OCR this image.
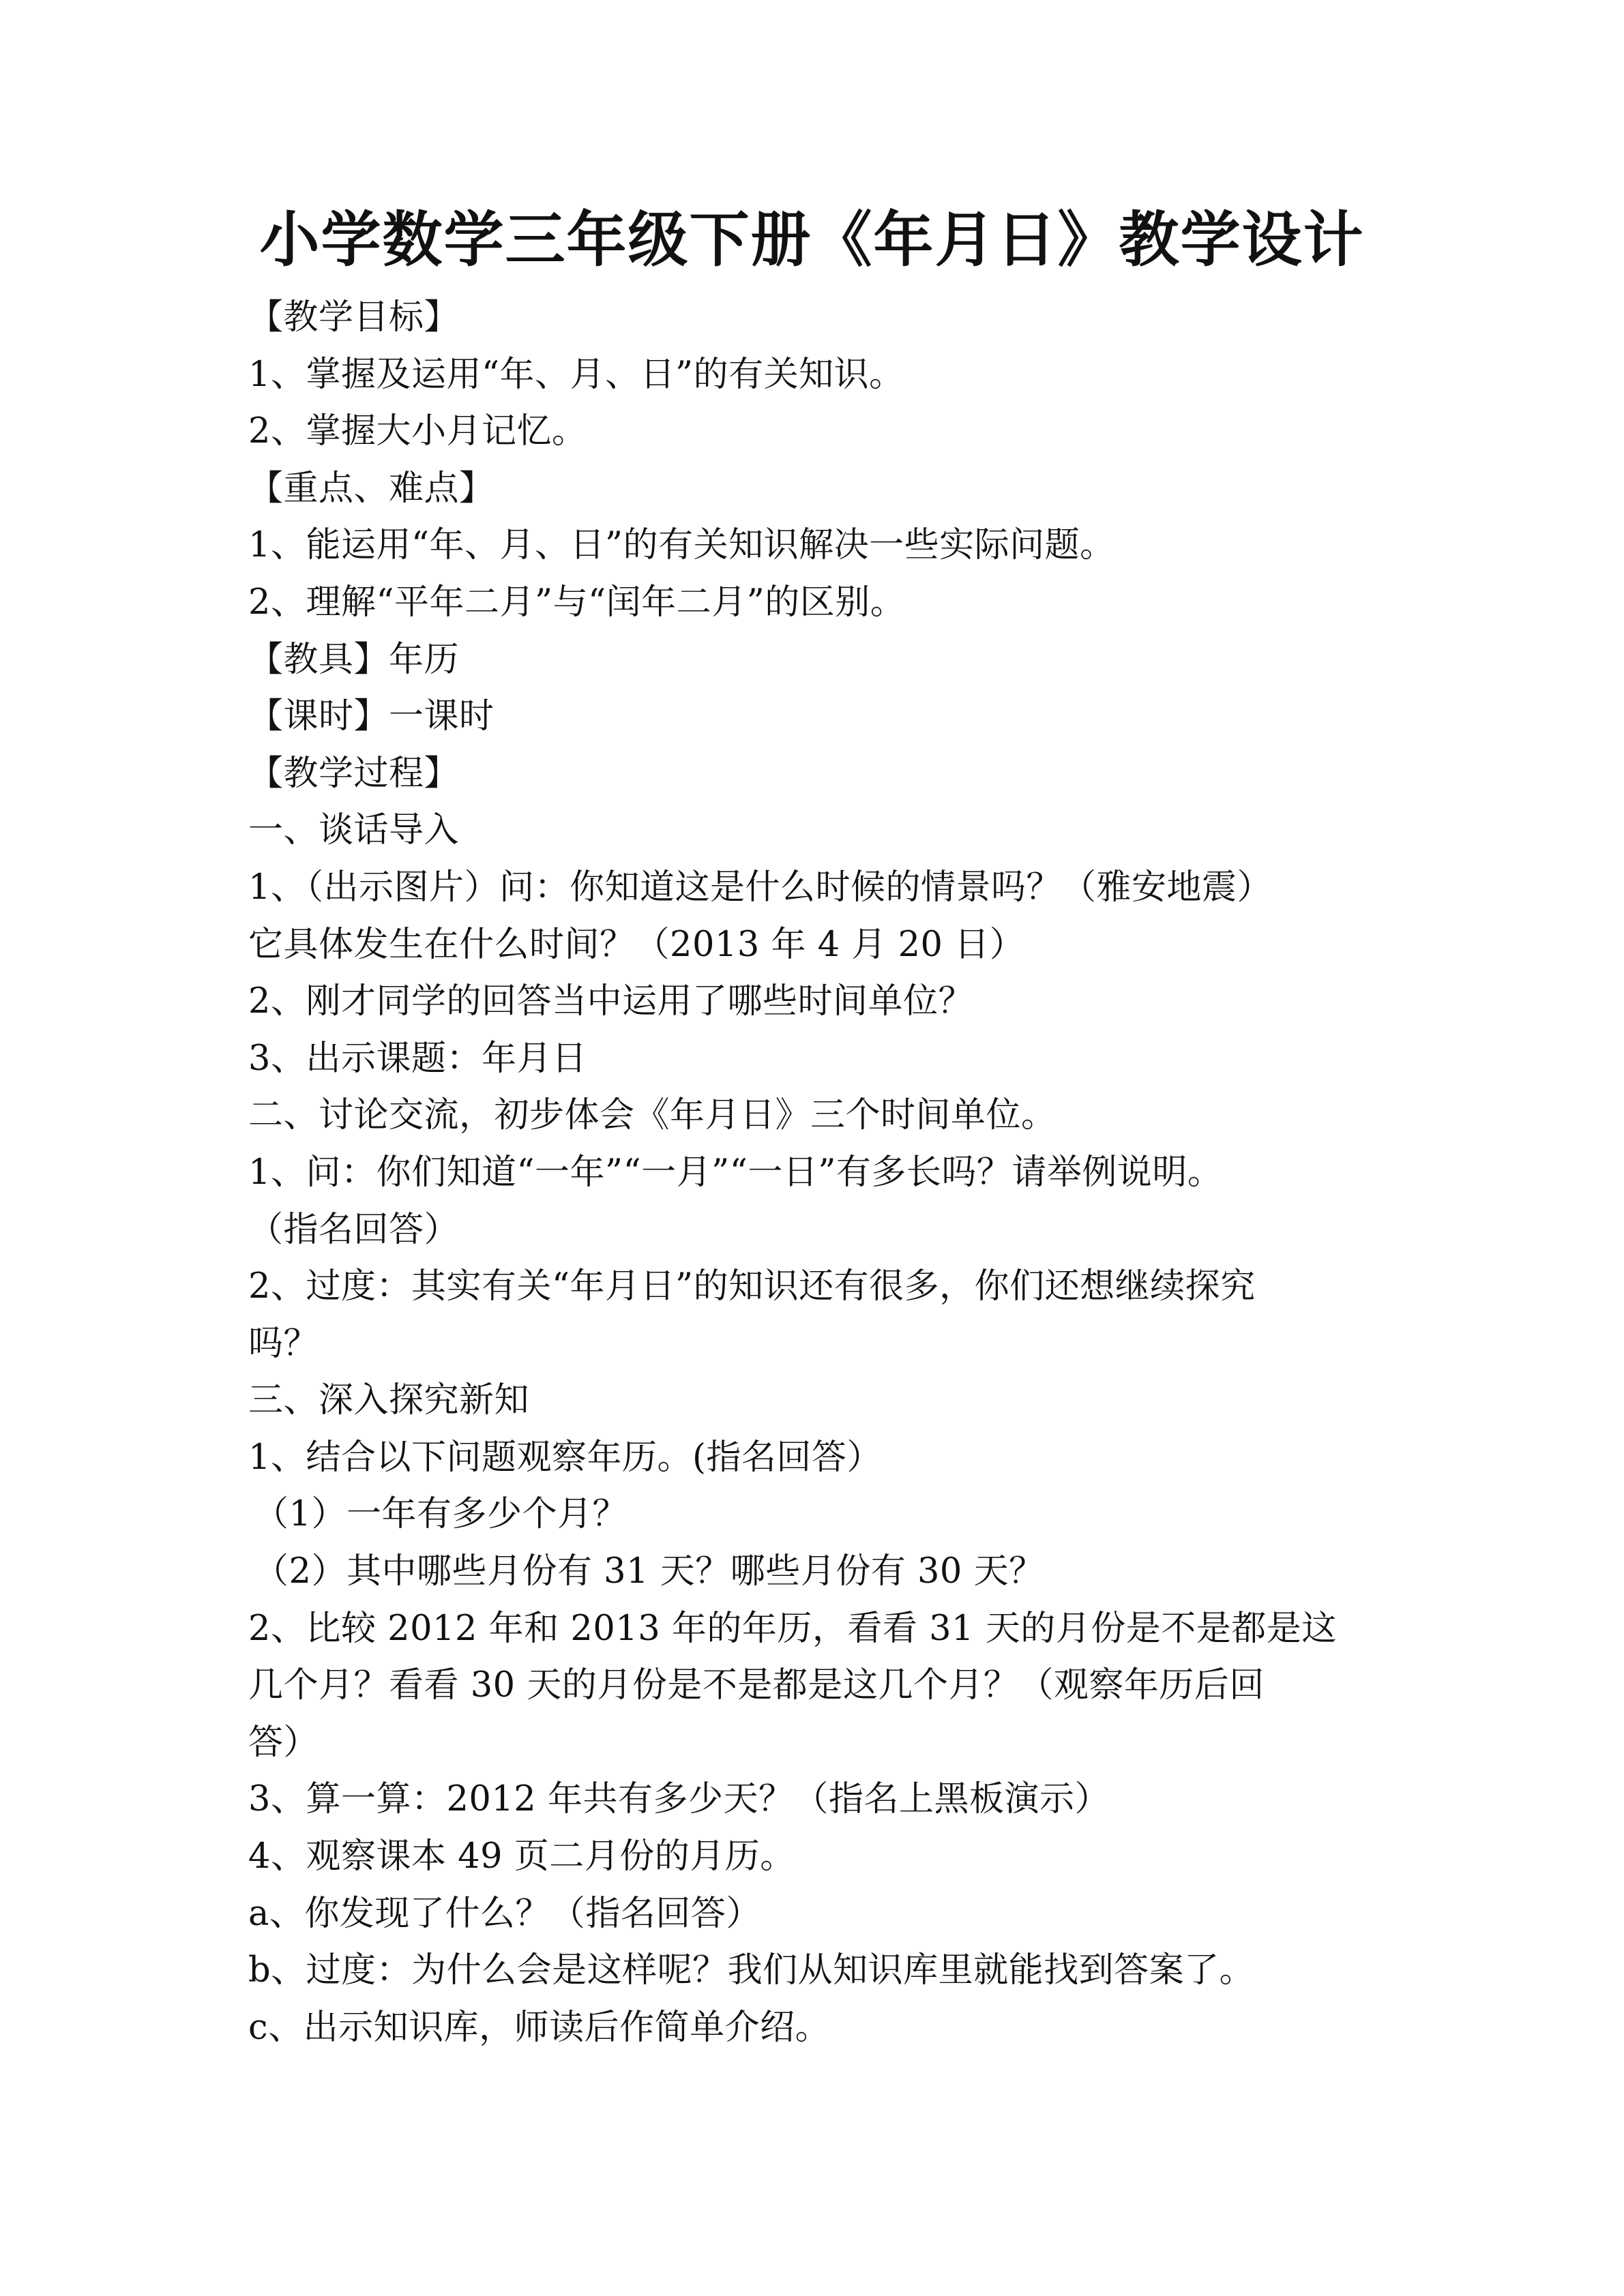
小学数学三年级下册《年月日》教学设计

【教学目标】

1、掌握及运用“年、月、日”的有关知识。

2、掌握大小月记忆。

【重点、难点】

1、能运用“年、月、日”的有关知识解决一些实际问题。

2、理解“平年二月”与“闰年二月”的区别。

【教具】年历

【课时】一课时

【教学过程】

一、谈话导入

1、（出示图片）问：你知道这是什么时候的情景吗？（雅安地震）

它具体发生在什么时间？（2013 年 4 月 20 日）

2、刚才同学的回答当中运用了哪些时间单位？

3、出示课题：年月日

二、讨论交流，初步体会《年月日》三个时间单位。

1、问：你们知道“一年”“一月”“一日”有多长吗？请举例说明。

（指名回答）

2、过度：其实有关“年月日”的知识还有很多，你们还想继续探究

吗？

三、深入探究新知

1、结合以下问题观察年历。(指名回答）

（1）一年有多少个月？

（2）其中哪些月份有 31 天？哪些月份有 30 天？

2、比较 2012 年和 2013 年的年历，看看 31 天的月份是不是都是这

几个月？看看 30 天的月份是不是都是这几个月？（观察年历后回

答）

3、算一算：2012 年共有多少天？（指名上黑板演示）

4、观察课本 49 页二月份的月历。

a、你发现了什么？（指名回答）

b、过度：为什么会是这样呢？我们从知识库里就能找到答案了。

c、出示知识库，师读后作简单介绍。
